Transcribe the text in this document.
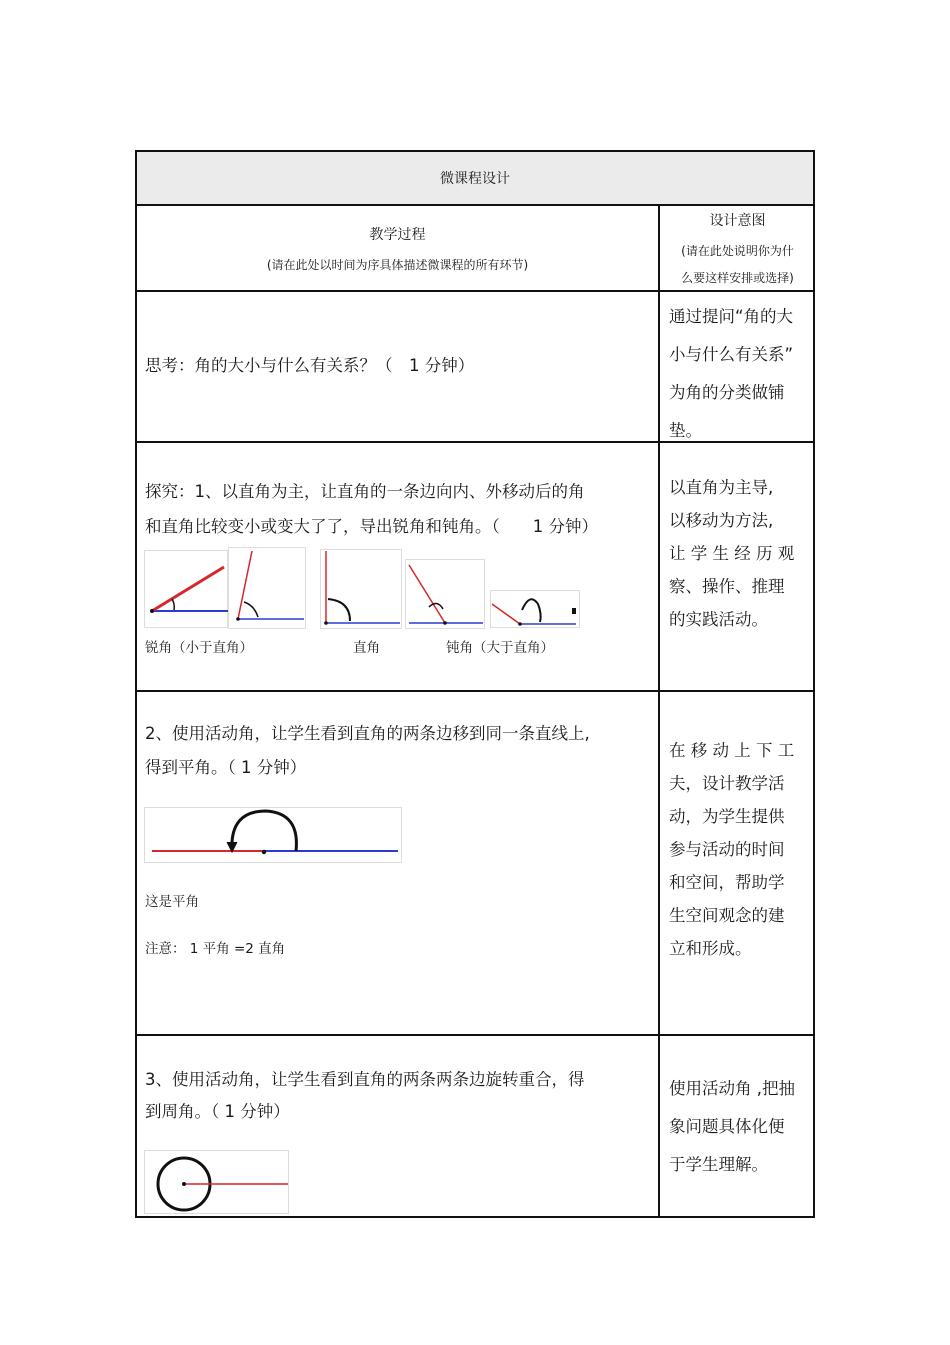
微课程设计
教学过程
(请在此处以时间为序具体描述微课程的所有环节)
设计意图
(请在此处说明你为什
么要这样安排或选择)
思考：角的大小与什么有关系？（　1 分钟）
通过提问“角的大
小与什么有关系”
为角的分类做铺
垫。
探究：1、以直角为主，让直角的一条边向内、外移动后的角
和直角比较变小或变大了了，导出锐角和钝角。（　　1 分钟）
锐角（小于直角）	直角	钝角（大于直角）
以直角为主导,
以移动为方法,
让 学 生 经 历 观
察、操作、推理
的实践活动。
2、使用活动角，让学生看到直角的两条边移到同一条直线上,
得到平角。（ 1 分钟）
这是平角
注意： 1 平角 =2 直角
在 移 动 上 下 工
夫，设计教学活
动，为学生提供
参与活动的时间
和空间，帮助学
生空间观念的建
立和形成。
3、使用活动角，让学生看到直角的两条两条边旋转重合，得
到周角。（ 1 分钟）
使用活动角 ,把抽
象问题具体化便
于学生理解。
